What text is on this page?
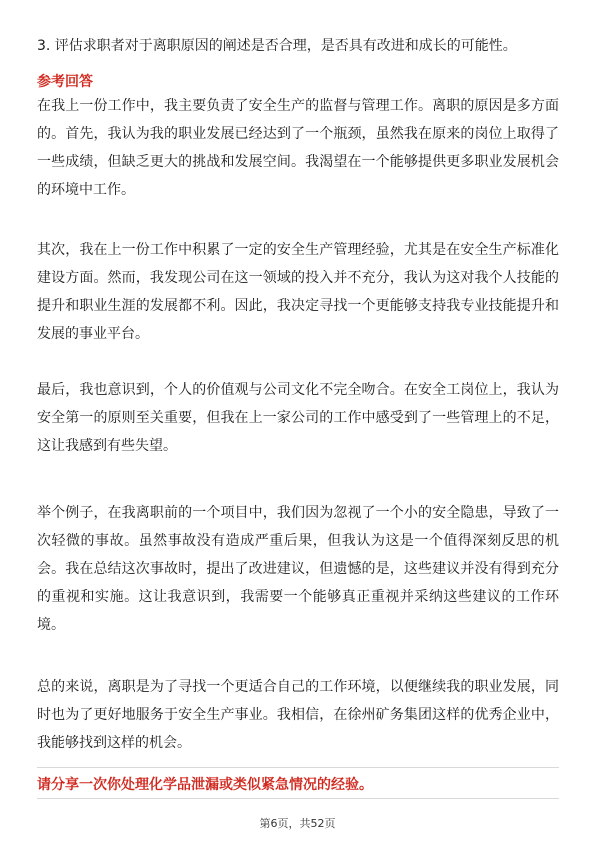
3. 评估求职者对于离职原因的阐述是否合理，是否具有改进和成长的可能性。
参考回答
在我上一份工作中，我主要负责了安全生产的监督与管理工作。离职的原因是多方面的。首先，我认为我的职业发展已经达到了一个瓶颈，虽然我在原来的岗位上取得了一些成绩，但缺乏更大的挑战和发展空间。我渴望在一个能够提供更多职业发展机会的环境中工作。
其次，我在上一份工作中积累了一定的安全生产管理经验，尤其是在安全生产标准化建设方面。然而，我发现公司在这一领域的投入并不充分，我认为这对我个人技能的提升和职业生涯的发展都不利。因此，我决定寻找一个更能够支持我专业技能提升和发展的事业平台。
最后，我也意识到，个人的价值观与公司文化不完全吻合。在安全工岗位上，我认为安全第一的原则至关重要，但我在上一家公司的工作中感受到了一些管理上的不足，这让我感到有些失望。
举个例子，在我离职前的一个项目中，我们因为忽视了一个小的安全隐患，导致了一次轻微的事故。虽然事故没有造成严重后果，但我认为这是一个值得深刻反思的机会。我在总结这次事故时，提出了改进建议，但遗憾的是，这些建议并没有得到充分的重视和实施。这让我意识到，我需要一个能够真正重视并采纳这些建议的工作环境。
总的来说，离职是为了寻找一个更适合自己的工作环境，以便继续我的职业发展，同时也为了更好地服务于安全生产事业。我相信，在徐州矿务集团这样的优秀企业中，我能够找到这样的机会。
请分享一次你处理化学品泄漏或类似紧急情况的经验。
第6页，共52页
